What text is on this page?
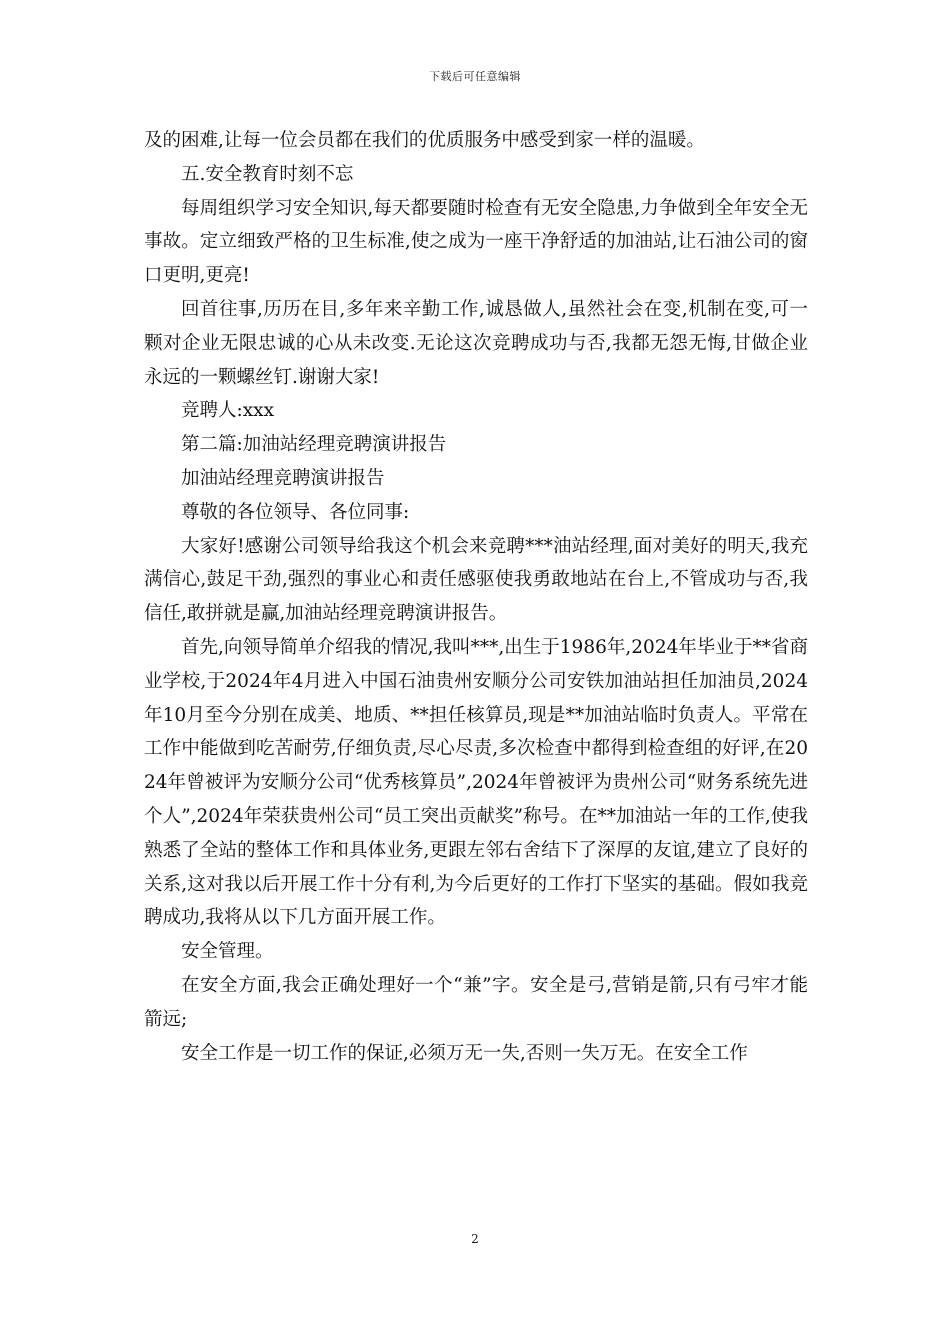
下载后可任意编辑

及的困难,让每一位会员都在我们的优质服务中感受到家一样的温暖。

五.安全教育时刻不忘

每周组织学习安全知识,每天都要随时检查有无安全隐患,力争做到全年安全无事故。定立细致严格的卫生标准,使之成为一座干净舒适的加油站,让石油公司的窗口更明,更亮!

回首往事,历历在目,多年来辛勤工作,诚恳做人,虽然社会在变,机制在变,可一颗对企业无限忠诚的心从未改变.无论这次竞聘成功与否,我都无怨无悔,甘做企业永远的一颗螺丝钉.谢谢大家!

竞聘人:xxx

第二篇:加油站经理竞聘演讲报告

加油站经理竞聘演讲报告

尊敬的各位领导、各位同事:

大家好!感谢公司领导给我这个机会来竞聘***油站经理,面对美好的明天,我充满信心,鼓足干劲,强烈的事业心和责任感驱使我勇敢地站在台上,不管成功与否,我信任,敢拼就是赢,加油站经理竞聘演讲报告。

首先,向领导简单介绍我的情况,我叫***,出生于1986年,2024年毕业于**省商业学校,于2024年4月进入中国石油贵州安顺分公司安铁加油站担任加油员,2024年10月至今分别在成美、地质、**担任核算员,现是**加油站临时负责人。平常在工作中能做到吃苦耐劳,仔细负责,尽心尽责,多次检查中都得到检查组的好评,在2024年曾被评为安顺分公司“优秀核算员”,2024年曾被评为贵州公司“财务系统先进个人”,2024年荣获贵州公司“员工突出贡献奖”称号。在**加油站一年的工作,使我熟悉了全站的整体工作和具体业务,更跟左邻右舍结下了深厚的友谊,建立了良好的关系,这对我以后开展工作十分有利,为今后更好的工作打下坚实的基础。假如我竞聘成功,我将从以下几方面开展工作。

安全管理。

在安全方面,我会正确处理好一个“兼”字。安全是弓,营销是箭,只有弓牢才能箭远;

安全工作是一切工作的保证,必须万无一失,否则一失万无。在安全工作

2
